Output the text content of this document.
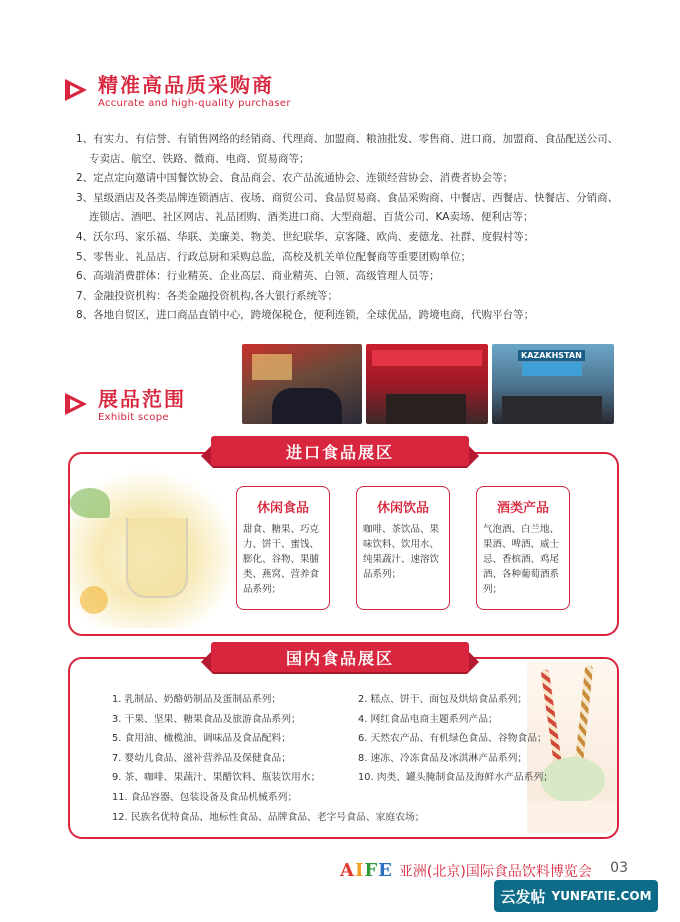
精准高品质采购商
Accurate and high-quality purchaser
1、有实力、有信誉、有销售网络的经销商、代理商、加盟商、粮油批发、零售商、进口商、加盟商、食品配送公司、
专卖店、航空、铁路、微商、电商、贸易商等；
2、定点定向邀请中国餐饮协会、食品商会、农产品流通协会、连锁经营协会、消费者协会等；
3、星级酒店及各类品牌连锁酒店、夜场、商贸公司、食品贸易商、食品采购商、中餐店、西餐店、快餐店、分销商、
连锁店、酒吧、社区网店、礼品团购、酒类进口商、大型商超、百货公司、KA卖场、便利店等；
4、沃尔玛、家乐福、华联、美廉美、物美、世纪联华、京客隆、欧尚、麦德龙、社群、度假村等；
5、零售业、礼品店、行政总厨和采购总监，高校及机关单位配餐商等重要团购单位；
6、高端消费群体：行业精英、企业高层、商业精英、白领、高级管理人员等；
7、金融投资机构：各类金融投资机构,各大银行系统等；
8、各地自贸区，进口商品直销中心，跨境保税仓，便利连锁，全球优品，跨境电商，代购平台等；
KAZAKHSTAN
展品范围
Exhibit scope
进口食品展区
休闲食品
甜食、糖果、巧克力、饼干、蜜饯、膨化、谷物、果脯类、燕窝、营养食品系列；
休闲饮品
咖啡、茶饮品、果味饮料、饮用水、纯果蔬汁、速溶饮品系列；
酒类产品
气泡酒、白兰地、果酒、啤酒、威士忌、香槟酒、鸡尾酒、各种葡萄酒系列；
国内食品展区
1. 乳制品、奶酪奶制品及蛋制品系列；
3. 干果、坚果、糖果食品及旅游食品系列；
5. 食用油、橄榄油、调味品及食品配料；
7. 婴幼儿食品、滋补营养品及保健食品；
9. 茶、咖啡、果蔬汁、果醋饮料、瓶装饮用水；
11. 食品容器、包装设备及食品机械系列；
12. 民族名优特食品、地标性食品、品牌食品、老字号食品、家庭农场；
2. 糕点、饼干、面包及烘焙食品系列；
4. 网红食品电商主题系列产品；
6. 天然农产品、有机绿色食品、谷物食品；
8. 速冻、冷冻食品及冰淇淋产品系列；
10. 肉类、罐头腌制食品及海鲜水产品系列；
AIFE 亚洲(北京)国际食品饮料博览会 03
云发帖 YUNFATIE.COM
